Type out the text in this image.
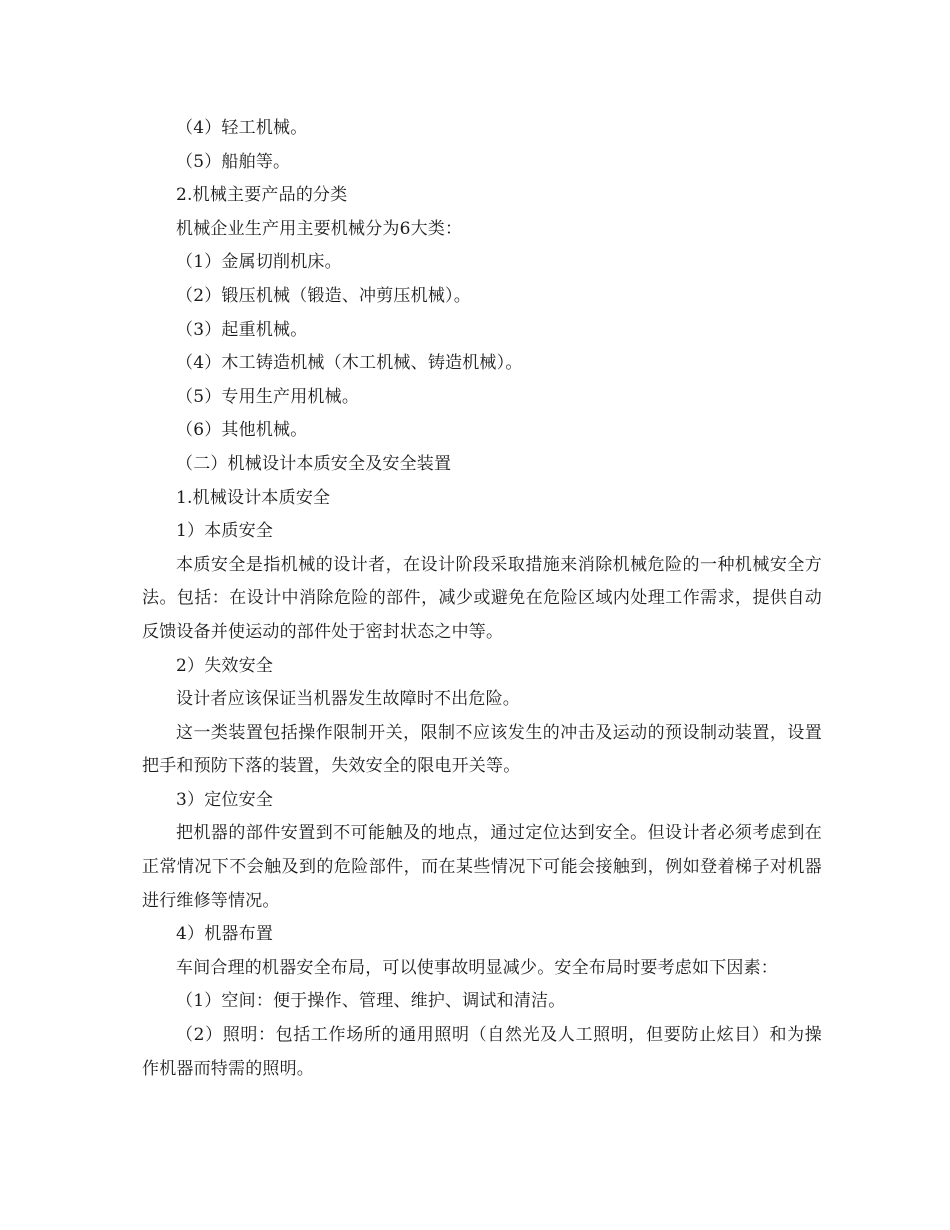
（4）轻工机械。

（5）船舶等。

2.机械主要产品的分类

机械企业生产用主要机械分为6大类：

（1）金属切削机床。

（2）锻压机械（锻造、冲剪压机械）。

（3）起重机械。

（4）木工铸造机械（木工机械、铸造机械）。

（5）专用生产用机械。

（6）其他机械。

（二）机械设计本质安全及安全装置

1.机械设计本质安全

1）本质安全

本质安全是指机械的设计者，在设计阶段采取措施来消除机械危险的一种机械安全方法。包括：在设计中消除危险的部件，减少或避免在危险区域内处理工作需求，提供自动反馈设备并使运动的部件处于密封状态之中等。

2）失效安全

设计者应该保证当机器发生故障时不出危险。

这一类装置包括操作限制开关，限制不应该发生的冲击及运动的预设制动装置，设置把手和预防下落的装置，失效安全的限电开关等。

3）定位安全

把机器的部件安置到不可能触及的地点，通过定位达到安全。但设计者必须考虑到在正常情况下不会触及到的危险部件，而在某些情况下可能会接触到，例如登着梯子对机器进行维修等情况。

4）机器布置

车间合理的机器安全布局，可以使事故明显减少。安全布局时要考虑如下因素：

（1）空间：便于操作、管理、维护、调试和清洁。

（2）照明：包括工作场所的通用照明（自然光及人工照明，但要防止炫目）和为操作机器而特需的照明。
